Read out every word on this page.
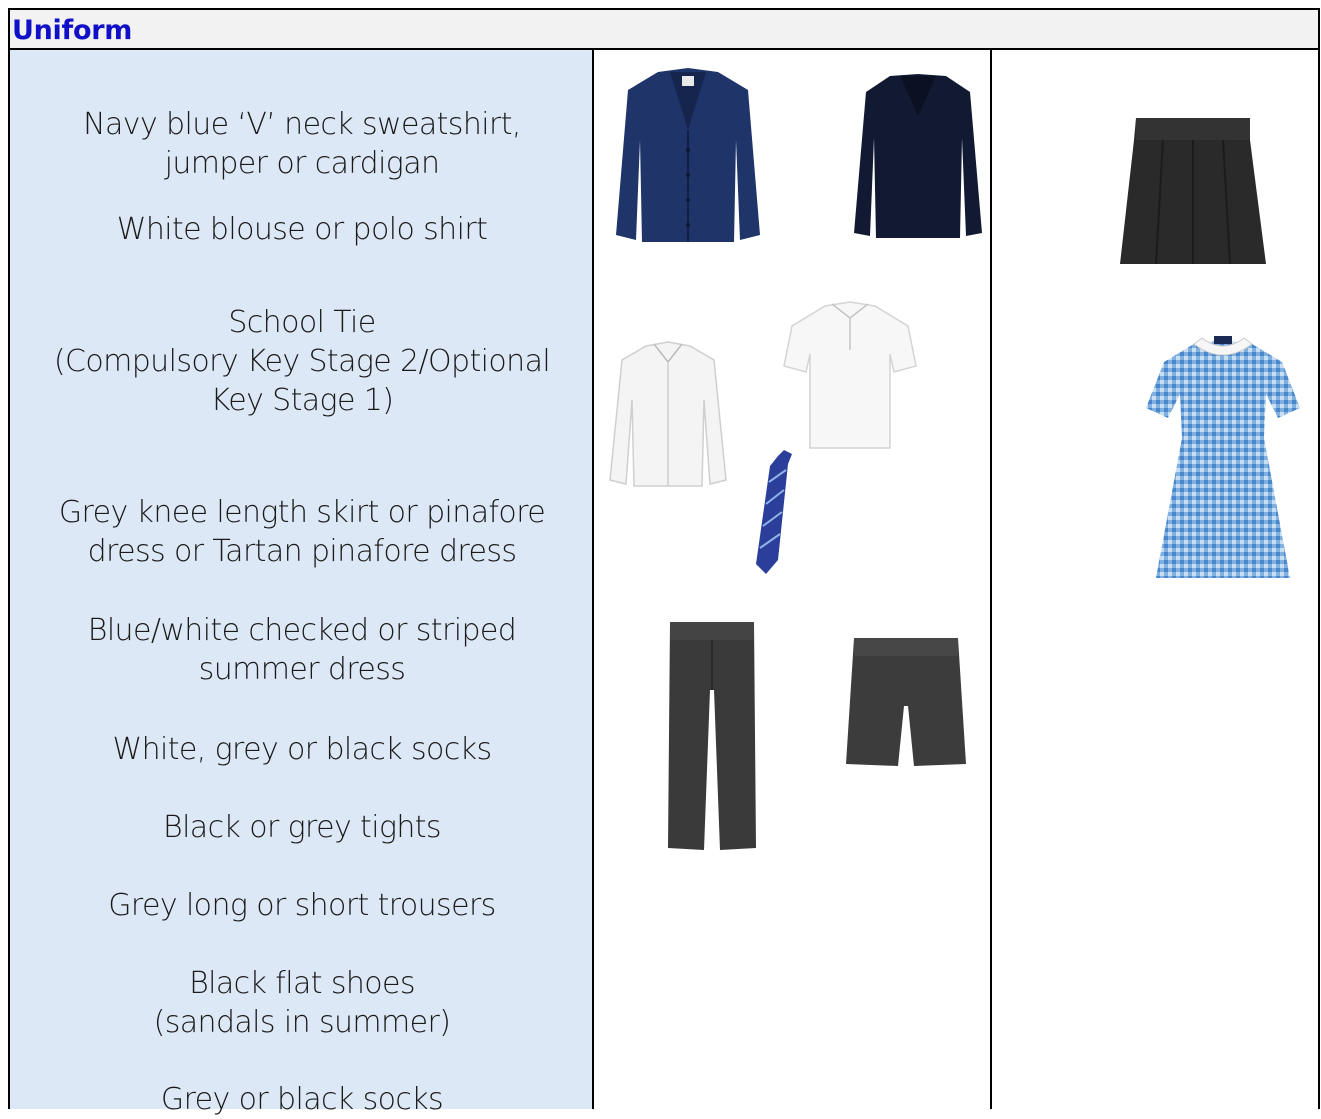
Uniform
Navy blue ‘V’ neck sweatshirt,
jumper or cardigan
White blouse or polo shirt
School Tie
(Compulsory Key Stage 2/Optional
Key Stage 1)
Grey knee length skirt or pinafore
dress or Tartan pinafore dress
Blue/white checked or striped
summer dress
White, grey or black socks
Black or grey tights
Grey long or short trousers
Black flat shoes
(sandals in summer)
Grey or black socks
